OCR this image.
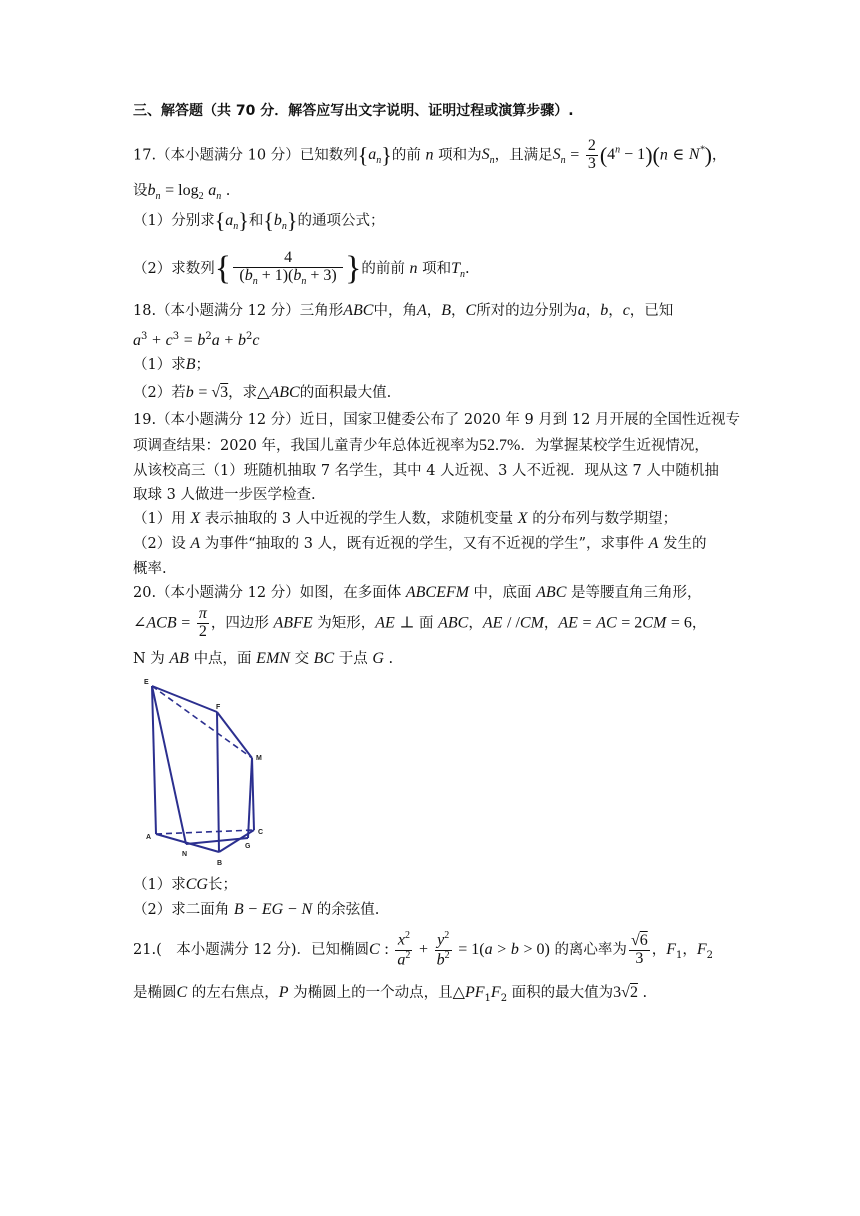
三、解答题（共 70 分．解答应写出文字说明、证明过程或演算步骤）.
17.（本小题满分 10 分）已知数列$\{a_n\}$的前 n 项和为$S_n$，且满足$S_n = \frac{2}{3} (4^n - 1)(n$ ∈ N*)，
设$b_n = \log_2 a_n$ .
（1）分别求$\{a_n\}$和$\{b_n\}$的通项公式；
（2）求数列{ $\frac{4}{(b_n + 1)(b_n + 3)}$ }的前前 n 项和$T_n$.
18.（本小题满分 12 分）三角形ABC中，角A，B，C所对的边分别为a，b，c，已知
$a^3 + c^3 = b^2a + b^2c$
（1）求B；
（2）若b = √3，求△ABC的面积最大值.
19.（本小题满分 12 分）近日，国家卫健委公布了 2020 年 9 月到 12 月开展的全国性近视专
项调查结果：2020 年，我国儿童青少年总体近视率为52.7%．为掌握某校学生近视情况，
从该校高三（1）班随机抽取 7 名学生，其中 4 人近视、3 人不近视．现从这 7 人中随机抽
取球 3 人做进一步医学检查.
（1）用 X 表示抽取的 3 人中近视的学生人数，求随机变量 X 的分布列与数学期望；
（2）设 A 为事件“抽取的 3 人，既有近视的学生，又有不近视的学生”，求事件 A 发生的
概率.
20.（本小题满分 12 分）如图，在多面体 ABCEFM 中，底面 ABC 是等腰直角三角形，
∠ACB = $\frac{\pi}{2}$ ，四边形 ABFE 为矩形，AE ⊥ 面 ABC，AE / /CM，AE = AC = 2CM = 6，
N 为 AB 中点，面 EMN 交 BC 于点 G .
E
F
M
A
C
G
N
B
（1）求CG长；
（2）求二面角 B − EG − N 的余弦值.
21.(　本小题满分 12 分)．已知椭圆C : $\frac{x^2}{a^2} + \frac{y^2}{b^2} = 1(a > b > 0)$ 的离心率为 $\frac{√6}{3}$ ，$F_1$，$F_2$
是椭圆C 的左右焦点，P 为椭圆上的一个动点，且$\triangle PF_1F_2$ 面积的最大值为3√2 .
